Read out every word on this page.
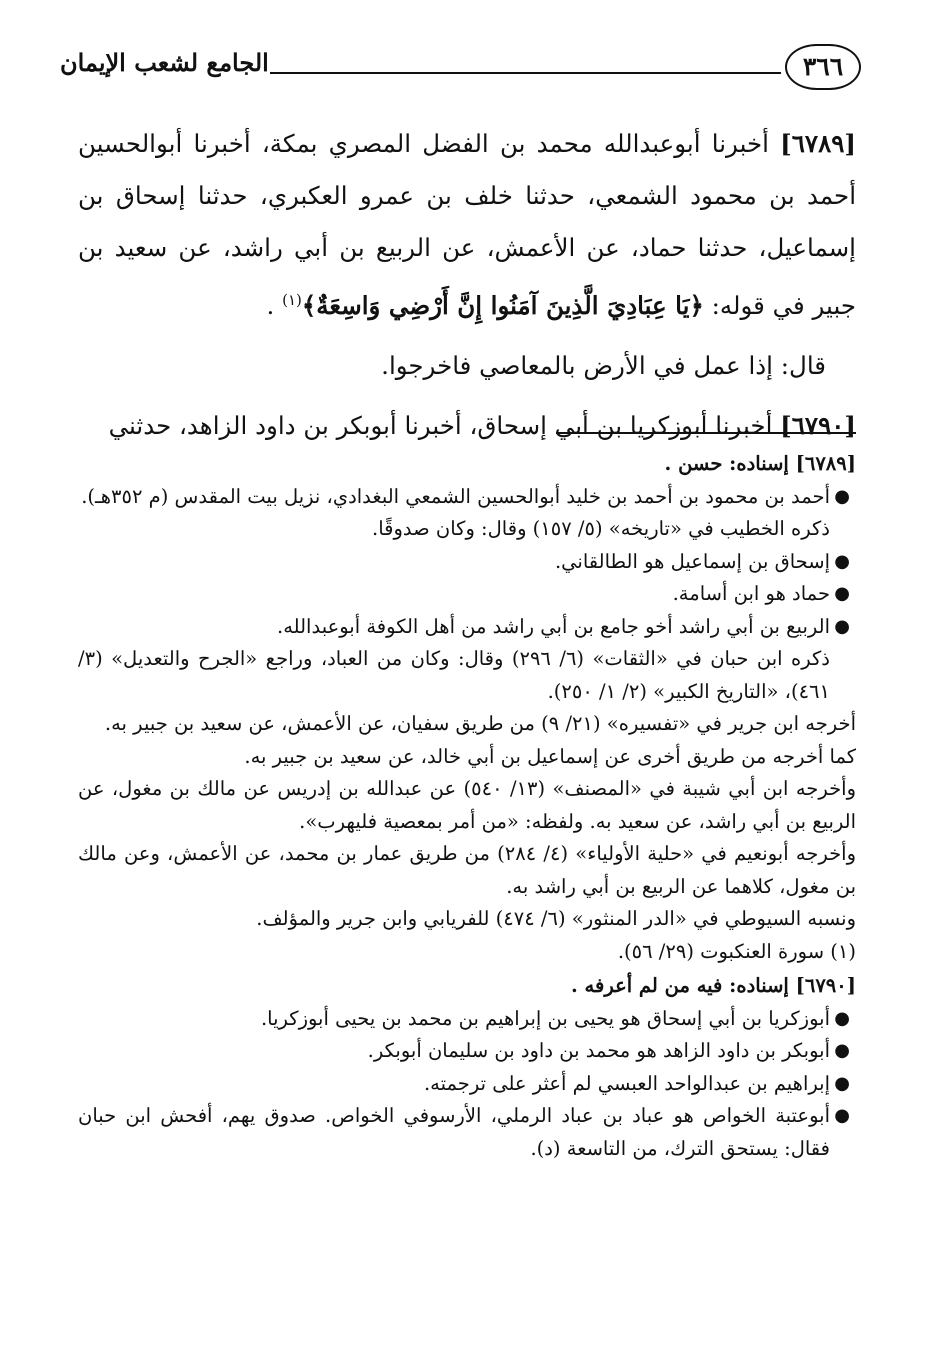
٣٦٦
الجامع لشعب الإيمان

[٦٧٨٩] أخبرنا أبوعبدالله محمد بن الفضل المصري بمكة، أخبرنا أبوالحسين أحمد بن محمود الشمعي، حدثنا خلف بن عمرو العكبري، حدثنا إسحاق بن إسماعيل، حدثنا حماد، عن الأعمش، عن الربيع بن أبي راشد، عن سعيد بن جبير في قوله: ﴿يَا عِبَادِيَ الَّذِينَ آمَنُوا إِنَّ أَرْضِي وَاسِعَةٌ﴾$^{(١)}$ .

قال: إذا عمل في الأرض بالمعاصي فاخرجوا.

[٦٧٩٠] أخبرنا أبوزكريا بن أبي إسحاق، أخبرنا أبوبكر بن داود الزاهد، حدثني

[٦٧٨٩] إسناده: حسن .

●
أحمد بن محمود بن أحمد بن خليد أبوالحسين الشمعي البغدادي، نزيل بيت المقدس (م ٣٥٢هـ).

ذكره الخطيب في «تاريخه» (٥/ ١٥٧) وقال: وكان صدوقًا.

●
إسحاق بن إسماعيل هو الطالقاني.

●
حماد هو ابن أسامة.

●
الربيع بن أبي راشد أخو جامع بن أبي راشد من أهل الكوفة أبوعبدالله.

ذكره ابن حبان في «الثقات» (٦/ ٢٩٦) وقال: وكان من العباد، وراجع «الجرح والتعديل» (٣/ ٤٦١)، «التاريخ الكبير» (٢/ ١/ ٢٥٠).

أخرجه ابن جرير في «تفسيره» (٢١/ ٩) من طريق سفيان، عن الأعمش، عن سعيد بن جبير به.

كما أخرجه من طريق أخرى عن إسماعيل بن أبي خالد، عن سعيد بن جبير به.

وأخرجه ابن أبي شيبة في «المصنف» (١٣/ ٥٤٠) عن عبدالله بن إدريس عن مالك بن مغول، عن الربيع بن أبي راشد، عن سعيد به. ولفظه: «من أمر بمعصية فليهرب».

وأخرجه أبونعيم في «حلية الأولياء» (٤/ ٢٨٤) من طريق عمار بن محمد، عن الأعمش، وعن مالك بن مغول، كلاهما عن الربيع بن أبي راشد به.

ونسبه السيوطي في «الدر المنثور» (٦/ ٤٧٤) للفريابي وابن جرير والمؤلف.

(١) سورة العنكبوت (٢٩/ ٥٦).

[٦٧٩٠] إسناده: فيه من لم أعرفه .

●
أبوزكريا بن أبي إسحاق هو يحيى بن إبراهيم بن محمد بن يحيى أبوزكريا.

●
أبوبكر بن داود الزاهد هو محمد بن داود بن سليمان أبوبكر.

●
إبراهيم بن عبدالواحد العبسي لم أعثر على ترجمته.

●
أبوعتبة الخواص هو عباد بن عباد الرملي، الأرسوفي الخواص. صدوق يهم، أفحش ابن حبان فقال: يستحق الترك، من التاسعة (د).
